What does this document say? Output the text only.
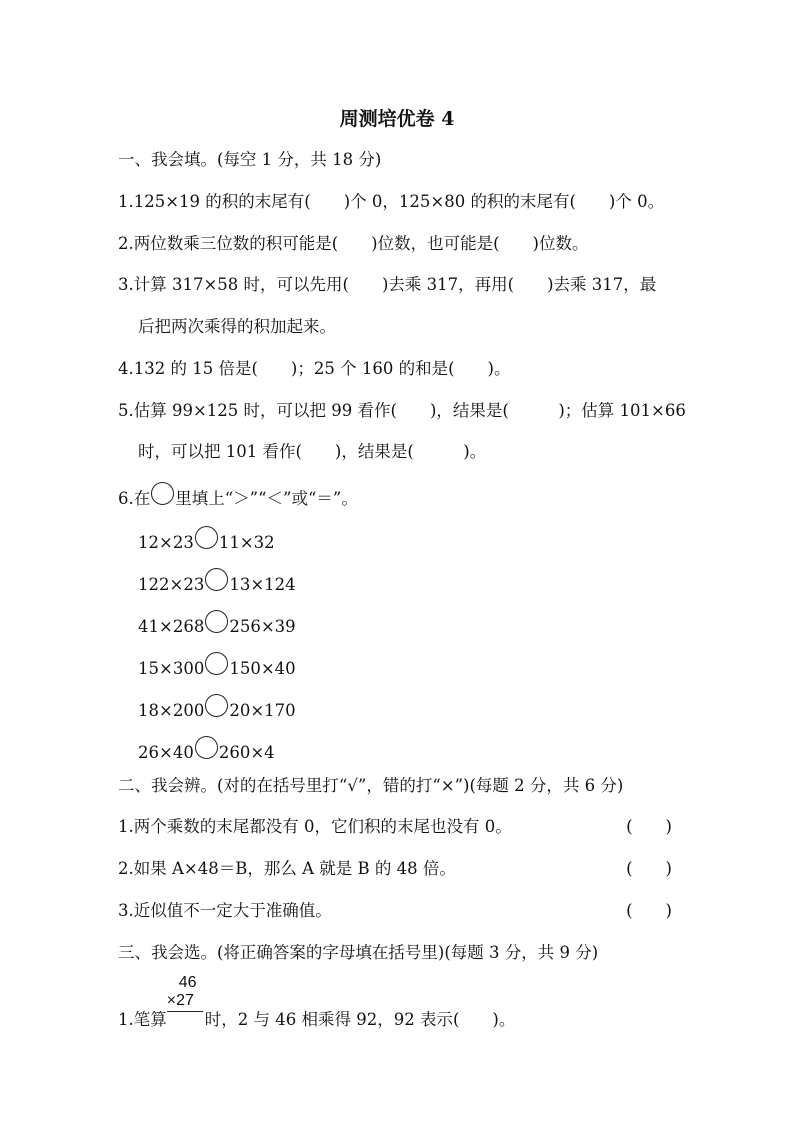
周测培优卷 4
一、我会填。(每空 1 分，共 18 分)
1.125×19 的积的末尾有(　　)个 0，125×80 的积的末尾有(　　)个 0。
2.两位数乘三位数的积可能是(　　)位数，也可能是(　　)位数。
3.计算 317×58 时，可以先用(　　)去乘 317，再用(　　)去乘 317，最
后把两次乘得的积加起来。
4.132 的 15 倍是(　　)；25 个 160 的和是(　　)。
5.估算 99×125 时，可以把 99 看作(　　)，结果是(　　　)；估算 101×66
时，可以把 101 看作(　　)，结果是(　　　)。
6.在 里填上“＞”“＜”或“＝”。
12×23 11×32
122×23 13×124
41×268 256×39
15×300 150×40
18×200 20×170
26×40 260×4
二、我会辨。(对的在括号里打“√”，错的打“×”)(每题 2 分，共 6 分)
1.两个乘数的末尾都没有 0，它们积的末尾也没有 0。	(　　)
2.如果 A×48＝B，那么 A 就是 B 的 48 倍。	(　　)
3.近似值不一定大于准确值。	(　　)
三、我会选。(将正确答案的字母填在括号里)(每题 3 分，共 9 分)
1.笔算
46
×27
时，2 与 46 相乘得 92，92 表示(　　)。
